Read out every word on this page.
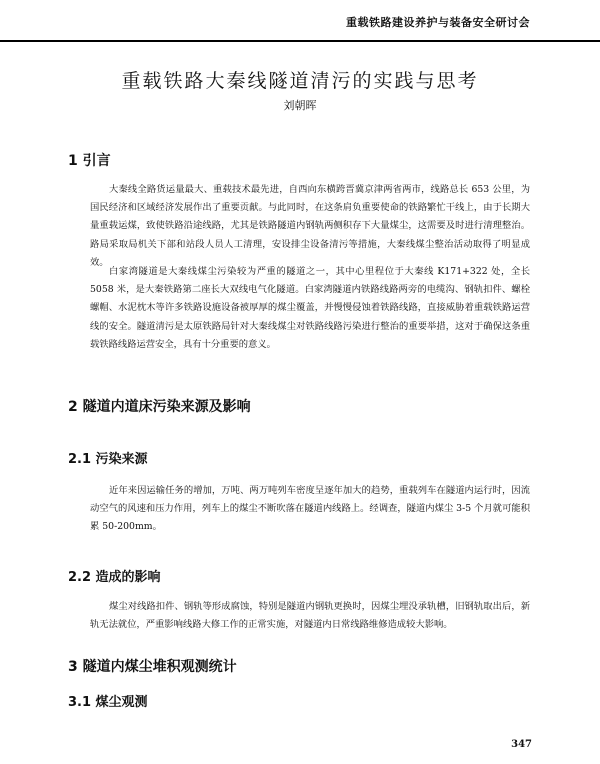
重载铁路建设养护与装备安全研讨会
重载铁路大秦线隧道清污的实践与思考
刘朝晖
1 引言

大秦线全路货运量最大、重载技术最先进，自西向东横跨晋冀京津两省两市，线路总长 653 公里，为国民经济和区域经济发展作出了重要贡献。与此同时，在这条肩负重要使命的铁路繁忙干线上，由于长期大量重载运煤，致使铁路沿途线路，尤其是铁路隧道内钢轨两侧积存下大量煤尘，这需要及时进行清理整治。路局采取局机关下部和站段人员人工清理，安设排尘设备清污等措施，大秦线煤尘整治活动取得了明显成效。

白家湾隧道是大秦线煤尘污染较为严重的隧道之一，其中心里程位于大秦线 K171+322 处，全长 5058 米，是大秦铁路第二座长大双线电气化隧道。白家湾隧道内铁路线路两旁的电缆沟、钢轨扣件、螺栓螺帽、水泥枕木等许多铁路设施设备被厚厚的煤尘覆盖，并慢慢侵蚀着铁路线路，直接威胁着重载铁路运营线的安全。隧道清污是太原铁路局针对大秦线煤尘对铁路线路污染进行整治的重要举措，这对于确保这条重载铁路线路运营安全，具有十分重要的意义。

2 隧道内道床污染来源及影响
2.1 污染来源

近年来因运输任务的增加，万吨、两万吨列车密度呈逐年加大的趋势，重载列车在隧道内运行时，因流动空气的风速和压力作用，列车上的煤尘不断吹落在隧道内线路上。经调查，隧道内煤尘 3-5 个月就可能积累 50-200mm。

2.2 造成的影响

煤尘对线路扣件、钢轨等形成腐蚀，特别是隧道内钢轨更换时，因煤尘埋没承轨槽，旧钢轨取出后，新轨无法就位，严重影响线路大修工作的正常实施，对隧道内日常线路维修造成较大影响。

3 隧道内煤尘堆积观测统计
3.1 煤尘观测
347
